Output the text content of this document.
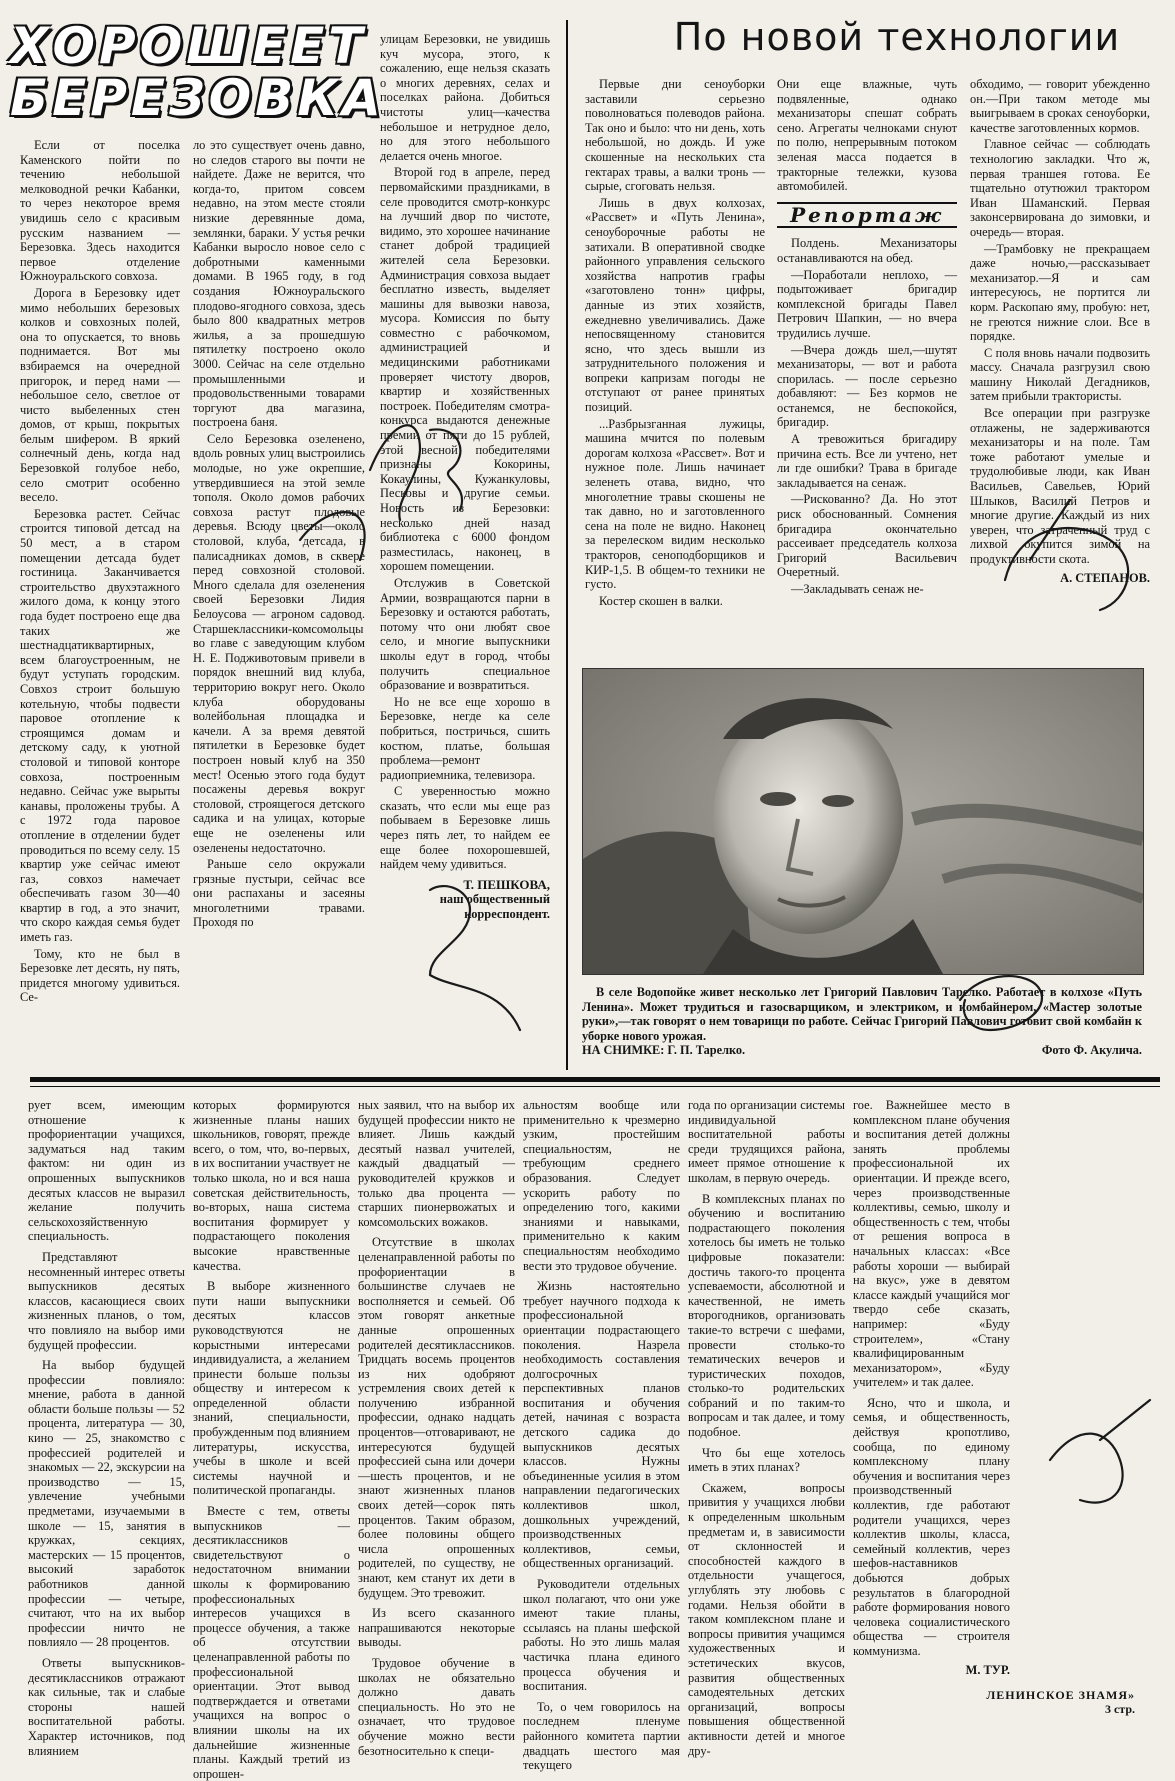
ХОРОШЕЕТ
БЕРЕЗОВКА

Если от поселка Каменского пойти по течению небольшой мелководной речки Кабанки, то через некоторое время увидишь село с красивым русским названием — Березовка. Здесь находится первое отделение Южноуральского совхоза.

Дорога в Березовку идет мимо небольших березовых колков и совхозных полей, она то опускается, то вновь поднимается. Вот мы взбираемся на очередной пригорок, и перед нами — небольшое село, светлое от чисто выбеленных стен домов, от крыш, покрытых белым шифером. В яркий солнечный день, когда над Березовкой голубое небо, село смотрит особенно весело.

Березовка растет. Сейчас строится типовой детсад на 50 мест, а в старом помещении детсада будет гостиница. Заканчивается строительство двухэтажного жилого дома, к концу этого года будет построено еще два таких же шестнадцатиквартирных, всем благоустроенным, не будут уступать городским. Совхоз строит большую котельную, чтобы подвести паровое отопление к строящимся домам и детскому саду, к уютной столовой и типовой конторе совхоза, построенным недавно. Сейчас уже вырыты канавы, проложены трубы. А с 1972 года паровое отопление в отделении будет проводиться по всему селу. 15 квартир уже сейчас имеют газ, совхоз намечает обеспечивать газом 30—40 квартир в год, а это значит, что скоро каждая семья будет иметь газ.

Тому, кто не был в Березовке лет десять, ну пять, придется многому удивиться. Се-

ло это существует очень давно, но следов старого вы почти не найдете. Даже не верится, что когда-то, притом совсем недавно, на этом месте стояли низкие деревянные дома, землянки, бараки. У устья речки Кабанки выросло новое село с добротными каменными домами. В 1965 году, в год создания Южноуральского плодово-ягодного совхоза, здесь было 800 квадратных метров жилья, а за прошедшую пятилетку построено около 3000. Сейчас на селе отдельно промышленными и продовольственными товарами торгуют два магазина, построена баня.

Село Березовка озеленено, вдоль ровных улиц выстроились молодые, но уже окрепшие, утвердившиеся на этой земле тополя. Около домов рабочих совхоза растут плодовые деревья. Всюду цветы—около столовой, клуба, детсада, в палисадниках домов, в сквере перед совхозной столовой. Много сделала для озеленения своей Березовки Лидия Белоусова — агроном садовод. Старшеклассники-комсомольцы во главе с заведующим клубом Н. Е. Подживотовым привели в порядок внешний вид клуба, территорию вокруг него. Около клуба оборудованы волейбольная площадка и качели. А за время девятой пятилетки в Березовке будет построен новый клуб на 350 мест! Осенью этого года будут посажены деревья вокруг столовой, строящегося детского садика и на улицах, которые еще не озеленены или озеленены недостаточно.

Раньше село окружали грязные пустыри, сейчас все они распаханы и засеяны многолетними травами. Проходя по

улицам Березовки, не увидишь куч мусора, этого, к сожалению, еще нельзя сказать о многих деревнях, селах и поселках района. Добиться чистоты улиц—качества небольшое и нетрудное дело, но для этого небольшого делается очень многое.

Второй год в апреле, перед первомайскими праздниками, в селе проводится смотр-конкурс на лучший двор по чистоте, видимо, это хорошее начинание станет доброй традицией жителей села Березовки. Администрация совхоза выдает бесплатно известь, выделяет машины для вывозки навоза, мусора. Комиссия по быту совместно с рабочкомом, администрацией и медицинскими работниками проверяет чистоту дворов, квартир и хозяйственных построек. Победителям смотра-конкурса выдаются денежные премии от пяти до 15 рублей, этой весной победителями признаны Кокорины, Кокаулины, Кужанкуловы, Песковы и другие семьи. Новость из Березовки: несколько дней назад библиотека с 6000 фондом разместилась, наконец, в хорошем помещении.

Отслужив в Советской Армии, возвращаются парни в Березовку и остаются работать, потому что они любят свое село, и многие выпускники школы едут в город, чтобы получить специальное образование и возвратиться.

Но не все еще хорошо в Березовке, негде ка селе побриться, постричься, сшить костюм, платье, большая проблема—ремонт радиоприемника, телевизора.

С уверенностью можно сказать, что если мы еще раз побываем в Березовке лишь через пять лет, то найдем ее еще более похорошевшей, найдем чему удивиться.

Т. ПЕШКОВА,
наш общественный корреспондент.
По новой технологии

Первые дни сеноуборки заставили серьезно поволноваться полеводов района. Так оно и было: что ни день, хоть небольшой, но дождь. И уже скошенные на нескольких ста гектарах травы, а валки тронь — сырые, сгоговать нельзя.

Лишь в двух колхозах, «Рассвет» и «Путь Ленина», сеноуборочные работы не затихали. В оперативной сводке районного управления сельского хозяйства напротив графы «заготовлено тонн» цифры, данные из этих хозяйств, ежедневно увеличивались. Даже непосвященному становится ясно, что здесь вышли из затруднительного положения и вопреки капризам погоды не отступают от ранее принятых позиций.

...Разбрызганная лужицы, машина мчится по полевым дорогам колхоза «Рассвет». Вот и нужное поле. Лишь начинает зеленеть отава, видно, что многолетние травы скошены не так давно, но и заготовленного сена на поле не видно. Наконец за перелеском видим несколько тракторов, сеноподборщиков и КИР-1,5. В общем-то техники не густо.

Костер скошен в валки.

Они еще влажные, чуть подвяленные, однако механизаторы спешат собрать сено. Агрегаты челноками снуют по полю, непрерывным потоком зеленая масса подается в тракторные тележки, кузова автомобилей.

Репортаж

Полдень. Механизаторы останавливаются на обед.

—Поработали неплохо, — подытоживает бригадир комплексной бригады Павел Петрович Шапкин, — но вчера трудились лучше.

—Вчера дождь шел,—шутят механизаторы, — вот и работа спорилась. — после серьезно добавляют: — Без кормов не останемся, не беспокойся, бригадир.

А тревожиться бригадиру причина есть. Все ли учтено, нет ли где ошибки? Трава в бригаде закладывается на сенаж.

—Рискованно? Да. Но этот риск обоснованный. Сомнения бригадира окончательно рассеивает председатель колхоза Григорий Васильевич Очеретный.

—Закладывать сенаж не-

обходимо, — говорит убежденно он.—При таком методе мы выигрываем в сроках сеноуборки, качестве заготовленных кормов.

Главное сейчас — соблюдать технологию закладки. Что ж, первая траншея готова. Ее тщательно отутюжил трактором Иван Шаманский. Первая законсервирована до зимовки, и очередь— вторая.

—Трамбовку не прекращаем даже ночью,—рассказывает механизатор.—Я и сам интересуюсь, не портится ли корм. Раскопаю яму, пробую: нет, не греются нижние слои. Все в порядке.

С поля вновь начали подвозить массу. Сначала разгрузил свою машину Николай Дегадников, затем прибыли трактористы.

Все операции при разгрузке отлажены, не задерживаются механизаторы и на поле. Там тоже работают умелые и трудолюбивые люди, как Иван Васильев, Савельев, Юрий Шлыков, Василий Петров и многие другие. Каждый из них уверен, что затраченный труд с лихвой окупится зимой на продуктивности скота.

А. СТЕПАНОВ.
В селе Водопойке живет несколько лет Григорий Павлович Тарелко. Работает в колхозе «Путь Ленина». Может трудиться и газосварщиком, и электриком, и комбайнером, «Мастер золотые руки»,—так говорят о нем товарищи по работе. Сейчас Григорий Павлович готовит свой комбайн к уборке нового урожая.
НА СНИМКЕ: Г. П. Тарелко.	Фото Ф. Акулича.

рует всем, имеющим отношение к профориентации учащихся, задуматься над таким фактом: ни один из опрошенных выпускников десятых классов не выразил желание получить сельскохозяйственную специальность.

Представляют несомненный интерес ответы выпускников десятых классов, касающиеся своих жизненных планов, о том, что повлияло на выбор ими будущей профессии.

На выбор будущей профессии повлияло: мнение, работа в данной области больше пользы — 52 процента, литература — 30, кино — 25, знакомство с профессией родителей и знакомых — 22, экскурсии на производство — 15, увлечение учебными предметами, изучаемыми в школе — 15, занятия в кружках, секциях, мастерских — 15 процентов, высокий заработок работников данной профессии — четыре, считают, что на их выбор профессии ничто не повлияло — 28 процентов.

Ответы выпускников-десятиклассников отражают как сильные, так и слабые стороны нашей воспитательной работы. Характер источников, под влиянием

которых формируются жизненные планы наших школьников, говорят, прежде всего, о том, что, во-первых, в их воспитании участвует не только школа, но и вся наша советская действительность, во-вторых, наша система воспитания формирует у подрастающего поколения высокие нравственные качества.

В выборе жизненного пути наши выпускники десятых классов руководствуются не корыстными интересами индивидуалиста, а желанием принести больше пользы обществу и интересом к определенной области знаний, специальности, пробужденным под влиянием литературы, искусства, учебы в школе и всей системы научной и политической пропаганды.

Вместе с тем, ответы выпускников — десятиклассников свидетельствуют о недостаточном внимании школы к формированию профессиональных интересов учащихся в процессе обучения, а также об отсутствии целенаправленной работы по профессиональной ориентации. Этот вывод подтверждается и ответами учащихся на вопрос о влиянии школы на их дальнейшие жизненные планы. Каждый третий из опрошен-

ных заявил, что на выбор их будущей профессии никто не влияет. Лишь каждый десятый назвал учителей, каждый двадцатый — руководителей кружков и только два процента — старших пионервожатых и комсомольских вожаков.

Отсутствие в школах целенаправленной работы по профориентации в большинстве случаев не восполняется и семьей. Об этом говорят анкетные данные опрошенных родителей десятиклассников. Тридцать восемь процентов из них одобряют устремления своих детей к получению избранной профессии, однако надцать процентов—отговаривают, не интересуются будущей профессией сына или дочери—шесть процентов, и не знают жизненных планов своих детей—сорок пять процентов. Таким образом, более половины общего числа опрошенных родителей, по существу, не знают, кем станут их дети в будущем. Это тревожит.

Из всего сказанного напрашиваются некоторые выводы.

Трудовое обучение в школах не обязательно должно давать специальность. Но это не означает, что трудовое обучение можно вести безотносительно к специ-

альностям вообще или применительно к чрезмерно узким, простейшим специальностям, не требующим среднего образования. Следует ускорить работу по определению того, какими знаниями и навыками, применительно к каким специальностям необходимо вести это трудовое обучение.

Жизнь настоятельно требует научного подхода к профессиональной ориентации подрастающего поколения. Назрела необходимость составления долгосрочных перспективных планов воспитания и обучения детей, начиная с возраста детского садика до выпускников десятых классов. Нужны объединенные усилия в этом направлении педагогических коллективов школ, дошкольных учреждений, производственных коллективов, семьи, общественных организаций.

Руководители отдельных школ полагают, что они уже имеют такие планы, ссылаясь на планы шефской работы. Но это лишь малая частичка плана единого процесса обучения и воспитания.

То, о чем говорилось на последнем пленуме районного комитета партии двадцать шестого мая текущего

года по организации системы индивидуальной воспитательной работы среди трудящихся района, имеет прямое отношение к школам, в первую очередь.

В комплексных планах по обучению и воспитанию подрастающего поколения хотелось бы иметь не только цифровые показатели: достичь такого-то процента успеваемости, абсолютной и качественной, не иметь второгодников, организовать такие-то встречи с шефами, провести столько-то тематических вечеров и туристических походов, столько-то родительских собраний и по таким-то вопросам и так далее, и тому подобное.

Что бы еще хотелось иметь в этих планах?

Скажем, вопросы привития у учащихся любви к определенным школьным предметам и, в зависимости от склонностей и способностей каждого в отдельности учащегося, углублять эту любовь с годами. Нельзя обойти в таком комплексном плане и вопросы привития учащимся художественных и эстетических вкусов, развития общественных самодеятельных детских организаций, вопросы повышения общественной активности детей и многое дру-

гое. Важнейшее место в комплексном плане обучения и воспитания детей должны занять проблемы профессиональной их ориентации. И прежде всего, через производственные коллективы, семью, школу и общественность с тем, чтобы от решения вопроса в начальных классах: «Все работы хороши — выбирай на вкус», уже в девятом классе каждый учащийся мог твердо себе сказать, например: «Буду строителем», «Стану квалифицированным механизатором», «Буду учителем» и так далее.

Ясно, что и школа, и семья, и общественность, действуя кропотливо, сообща, по единому комплексному плану обучения и воспитания через производственный коллектив, где работают родители учащихся, через коллектив школы, класса, семейный коллектив, через шефов-наставников добьются добрых результатов в благородной работе формирования нового человека социалистического общества — строителя коммунизма.

М. ТУР.
ЛЕНИНСКОЕ ЗНАМЯ»
3 стр.
